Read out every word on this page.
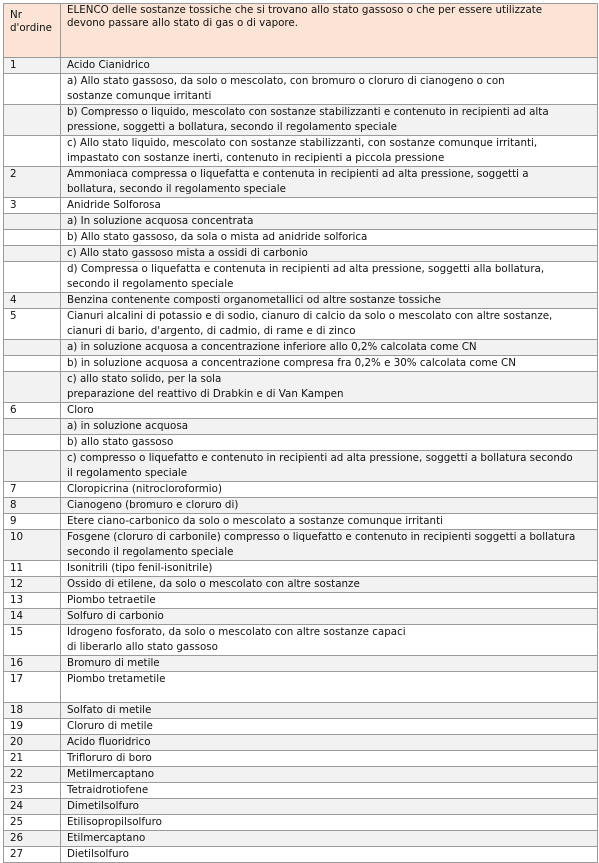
Nr
d'ordine	ELENCO delle sostanze tossiche che si trovano allo stato gassoso o che per essere utilizzate
devono passare allo stato di gas o di vapore.

1	Acido Cianidrico

	a) Allo stato gassoso, da solo o mescolato, con bromuro o cloruro di cianogeno o con
sostanze comunque irritanti

	b) Compresso o liquido, mescolato con sostanze stabilizzanti e contenuto in recipienti ad alta
pressione, soggetti a bollatura, secondo il regolamento speciale

	c) Allo stato liquido, mescolato con sostanze stabilizzanti, con sostanze comunque irritanti,
impastato con sostanze inerti, contenuto in recipienti a piccola pressione

2	Ammoniaca compressa o liquefatta e contenuta in recipienti ad alta pressione, soggetti a
bollatura, secondo il regolamento speciale

3	Anidride Solforosa

	a) In soluzione acquosa concentrata

	b) Allo stato gassoso, da sola o mista ad anidride solforica

	c) Allo stato gassoso mista a ossidi di carbonio

	d) Compressa o liquefatta e contenuta in recipienti ad alta pressione, soggetti alla bollatura,
secondo il regolamento speciale

4	Benzina contenente composti organometallici od altre sostanze tossiche

5	Cianuri alcalini di potassio e di sodio, cianuro di calcio da solo o mescolato con altre sostanze,
cianuri di bario, d'argento, di cadmio, di rame e di zinco

	a) in soluzione acquosa a concentrazione inferiore allo 0,2% calcolata come CN

	b) in soluzione acquosa a concentrazione compresa fra 0,2% e 30% calcolata come CN

	c) allo stato solido, per la sola
preparazione del reattivo di Drabkin e di Van Kampen

6	Cloro

	a) in soluzione acquosa

	b) allo stato gassoso

	c) compresso o liquefatto e contenuto in recipienti ad alta pressione, soggetti a bollatura secondo
il regolamento speciale

7	Cloropicrina (nitrocloroformio)

8	Cianogeno (bromuro e cloruro di)

9	Etere ciano-carbonico da solo o mescolato a sostanze comunque irritanti

10	Fosgene (cloruro di carbonile) compresso o liquefatto e contenuto in recipienti soggetti a bollatura
secondo il regolamento speciale

11	Isonitrili (tipo fenil-isonitrile)

12	Ossido di etilene, da solo o mescolato con altre sostanze

13	Piombo tetraetile

14	Solfuro di carbonio

15	Idrogeno fosforato, da solo o mescolato con altre sostanze capaci
di liberarlo allo stato gassoso

16	Bromuro di metile

17	Piombo tretametile

18	Solfato di metile

19	Cloruro di metile

20	Acido fluoridrico

21	Trifloruro di boro

22	Metilmercaptano

23	Tetraidrotiofene

24	Dimetilsolfuro

25	Etilisopropilsolfuro

26	Etilmercaptano

27	Dietilsolfuro
